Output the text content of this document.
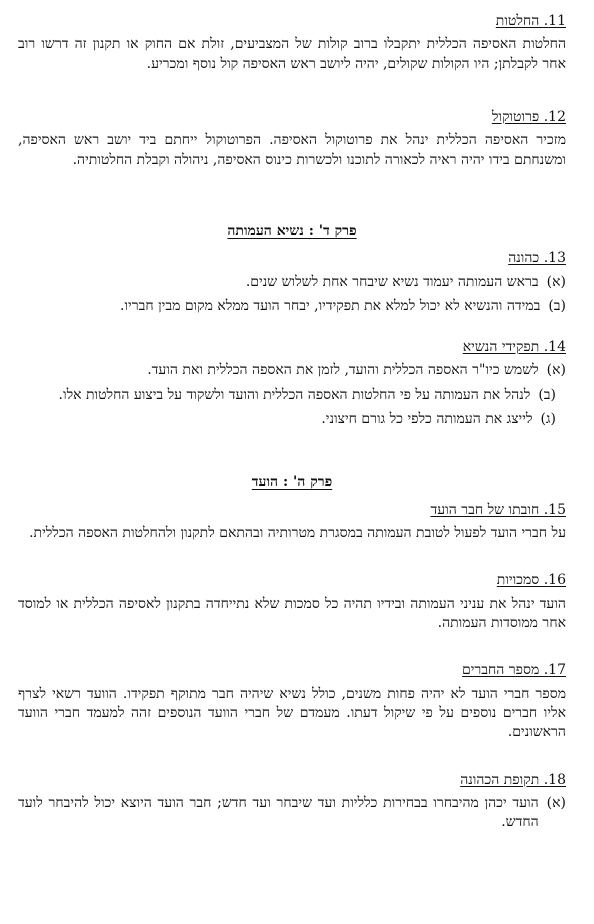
11. החלטות

החלטות האסיפה הכללית יתקבלו ברוב קולות של המצביעים, זולת אם החוק או תקנון זה דרשו רוב אחר לקבלתן; היו הקולות שקולים, יהיה ליושב ראש האסיפה קול נוסף ומכריע.

12. פרוטוקול

מזכיר האסיפה הכללית ינהל את פרוטוקול האסיפה. הפרוטוקול ייחתם ביד יושב ראש האסיפה, ומשנחתם בידו יהיה ראיה לכאורה לתוכנו ולכשרות כינוס האסיפה, ניהולה וקבלת החלטותיה.

פרק ד' : נשיא העמותה
13. כהונה
(א)
בראש העמותה יעמוד נשיא שיבחר אחת לשלוש שנים.
(ב)
במידה והנשיא לא יכול למלא את תפקידיו, יבחר הועד ממלא מקום מבין חבריו.
14. תפקידי הנשיא
(א)
לשמש כיו"ר האספה הכללית והועד, לזמן את האספה הכללית ואת הועד.
(ב)
לנהל את העמותה על פי החלטות האספה הכללית והועד ולשקוד על ביצוע החלטות אלו.
(ג)
לייצג את העמותה כלפי כל גורם חיצוני.
פרק ה' : הועד
15. חובתו של חבר הועד

על חברי הועד לפעול לטובת העמותה במסגרת מטרותיה ובהתאם לתקנון ולהחלטות האספה הכללית.

16. סמכויות

הועד ינהל את עניני העמותה ובידיו תהיה כל סמכות שלא נתייחדה בתקנון לאסיפה הכללית או למוסד אחר ממוסדות העמותה.

17. מספר החברים

מספר חברי הועד לא יהיה פחות משנים, כולל נשיא שיהיה חבר מתוקף תפקידו. הוועד רשאי לצרף אליו חברים נוספים על פי שיקול דעתו. מעמדם של חברי הוועד הנוספים זהה למעמד חברי הוועד הראשונים.

18. תקופת הכהונה
(א)
הועד יכהן מהיבחרו בבחירות כלליות ועד שיבחר ועד חדש; חבר הועד היוצא יכול להיבחר לועד החדש.
